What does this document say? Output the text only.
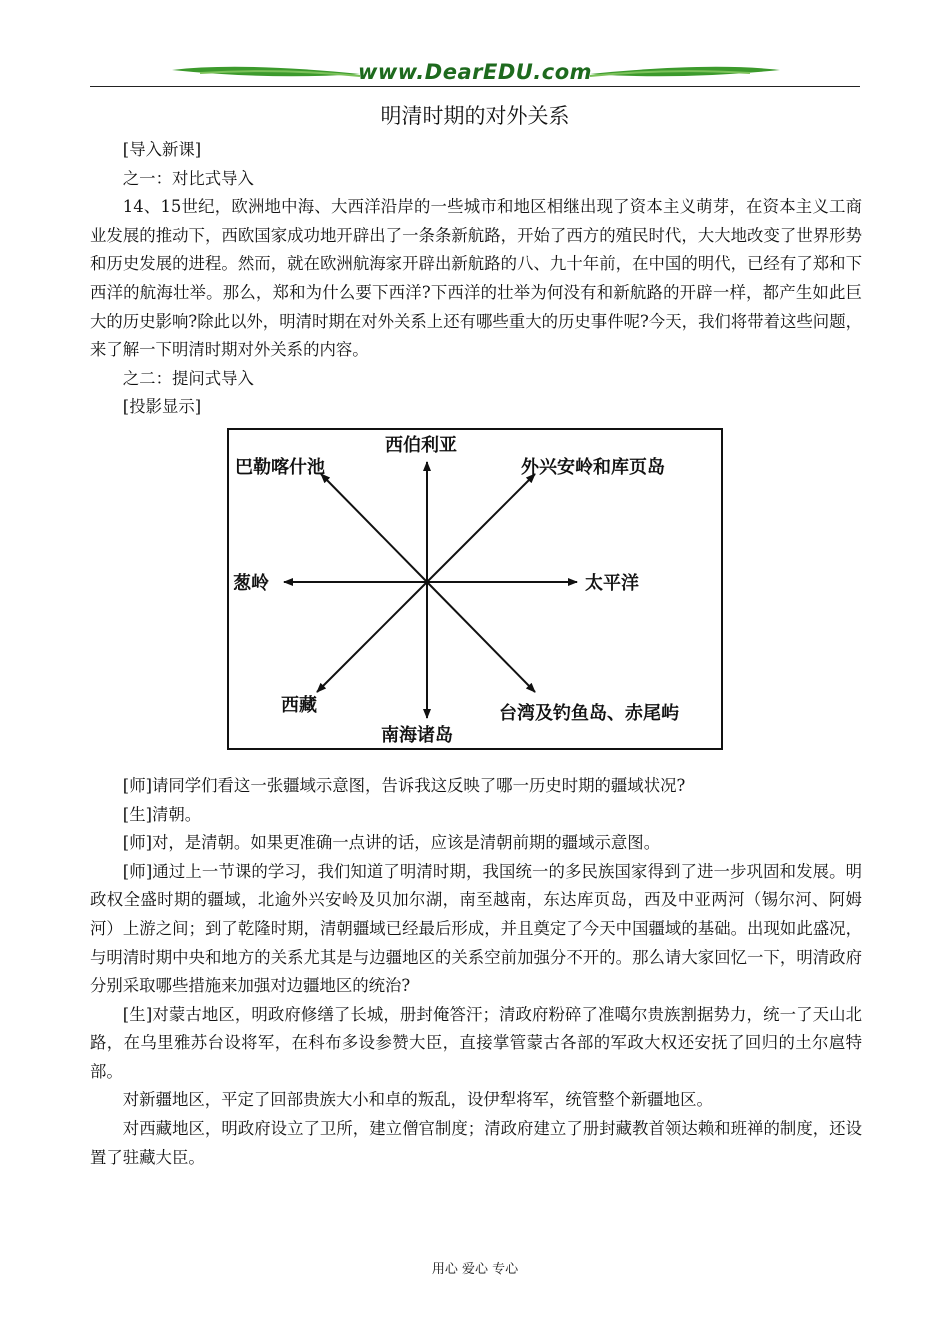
www.DearEDU.com
明清时期的对外关系

[导入新课]

之一：对比式导入

14、15世纪，欧洲地中海、大西洋沿岸的一些城市和地区相继出现了资本主义萌芽，在资本主义工商业发展的推动下，西欧国家成功地开辟出了一条条新航路，开始了西方的殖民时代，大大地改变了世界形势和历史发展的进程。然而，就在欧洲航海家开辟出新航路的八、九十年前，在中国的明代，已经有了郑和下西洋的航海壮举。那么，郑和为什么要下西洋?下西洋的壮举为何没有和新航路的开辟一样，都产生如此巨大的历史影响?除此以外，明清时期在对外关系上还有哪些重大的历史事件呢?今天，我们将带着这些问题，来了解一下明清时期对外关系的内容。

之二：提问式导入

[投影显示]

西伯利亚
巴勒喀什池	外兴安岭和库页岛
葱岭	太平洋
西藏
南海诸岛
台湾及钓鱼岛、赤尾屿

[师]请同学们看这一张疆域示意图，告诉我这反映了哪一历史时期的疆域状况?

[生]清朝。

[师]对，是清朝。如果更准确一点讲的话，应该是清朝前期的疆域示意图。

[师]通过上一节课的学习，我们知道了明清时期，我国统一的多民族国家得到了进一步巩固和发展。明政权全盛时期的疆域，北逾外兴安岭及贝加尔湖，南至越南，东达库页岛，西及中亚两河（锡尔河、阿姆河）上游之间；到了乾隆时期，清朝疆域已经最后形成，并且奠定了今天中国疆域的基础。出现如此盛况，与明清时期中央和地方的关系尤其是与边疆地区的关系空前加强分不开的。那么请大家回忆一下，明清政府分别采取哪些措施来加强对边疆地区的统治?

[生]对蒙古地区，明政府修缮了长城，册封俺答汗；清政府粉碎了准噶尔贵族割据势力，统一了天山北路，在乌里雅苏台设将军，在科布多设参赞大臣，直接掌管蒙古各部的军政大权还安抚了回归的土尔扈特部。

对新疆地区，平定了回部贵族大小和卓的叛乱，设伊犁将军，统管整个新疆地区。

对西藏地区，明政府设立了卫所，建立僧官制度；清政府建立了册封藏教首领达赖和班禅的制度，还设置了驻藏大臣。

用心 爱心 专心
